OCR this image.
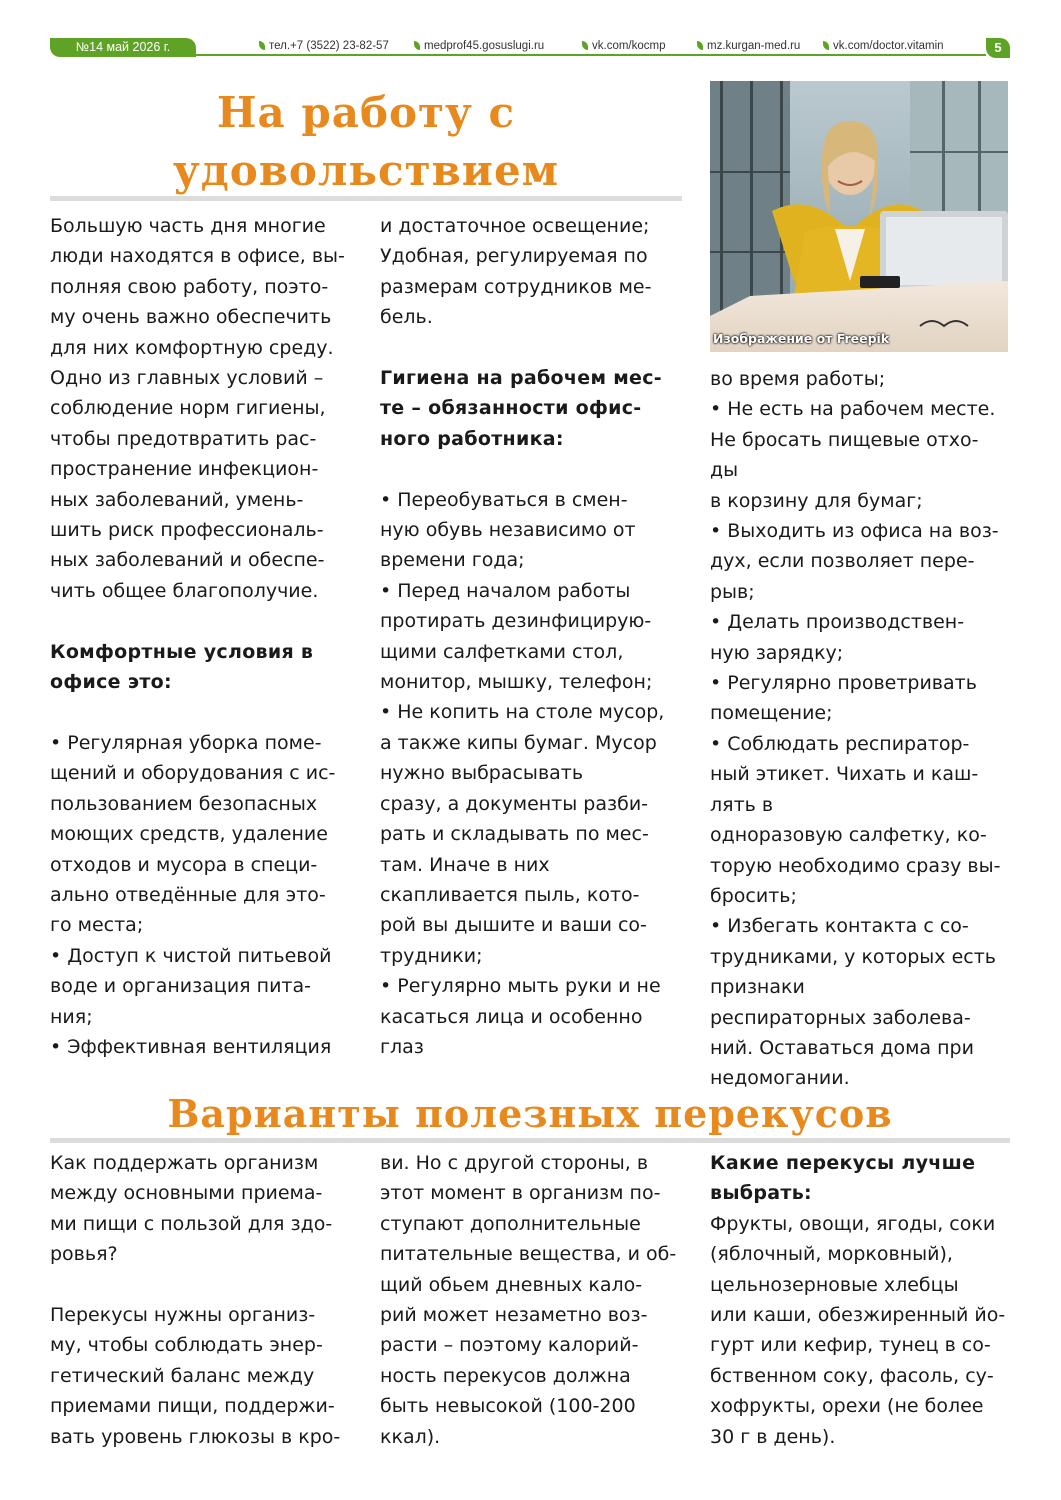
№14 май 2026 г.	тел.+7 (3522) 23-82-57	medprof45.gosuslugi.ru	vk.com/kocmp	mz.kurgan-med.ru	vk.com/doctor.vitamin	5
На работу с
удовольствием
Изображение от Freepik

Большую часть дня многие

люди находятся в офисе, вы-

полняя свою работу, поэто-

му очень важно обеспечить

для них комфортную среду.

Одно из главных условий –

соблюдение норм гигиены,

чтобы предотвратить рас-

пространение инфекцион-

ных заболеваний, умень-

шить риск профессиональ-

ных заболеваний и обеспе-

чить общее благополучие.

Комфортные условия в

офисе это:

• Регулярная уборка поме-

щений и оборудования с ис-

пользованием безопасных

моющих средств, удаление

отходов и мусора в специ-

ально отведённые для это-

го места;

• Доступ к чистой питьевой

воде и организация пита-

ния;

• Эффективная вентиляция

и достаточное освещение;

Удобная, регулируемая по

размерам сотрудников ме-

бель.

Гигиена на рабочем мес-

те – обязанности офис-

ного работника:

• Переобуваться в смен-

ную обувь независимо от

времени года;

• Перед началом работы

протирать дезинфицирую-

щими салфетками стол,

монитор, мышку, телефон;

• Не копить на столе мусор,

а также кипы бумаг. Мусор

нужно выбрасывать

сразу, а документы разби-

рать и складывать по мес-

там. Иначе в них

скапливается пыль, кото-

рой вы дышите и ваши со-

трудники;

• Регулярно мыть руки и не

касаться лица и особенно

глаз

во время работы;

• Не есть на рабочем месте.

Не бросать пищевые отхо-

ды

в корзину для бумаг;

• Выходить из офиса на воз-

дух, если позволяет пере-

рыв;

• Делать производствен-

ную зарядку;

• Регулярно проветривать

помещение;

• Соблюдать респиратор-

ный этикет. Чихать и каш-

лять в

одноразовую салфетку, ко-

торую необходимо сразу вы-

бросить;

• Избегать контакта с со-

трудниками, у которых есть

признаки

респираторных заболева-

ний. Оставаться дома при

недомогании.

Варианты полезных перекусов

Как поддержать организм

между основными приема-

ми пищи с пользой для здо-

ровья?

Перекусы нужны организ-

му, чтобы соблюдать энер-

гетический баланс между

приемами пищи, поддержи-

вать уровень глюкозы в кро-

ви. Но с другой стороны, в

этот момент в организм по-

ступают дополнительные

питательные вещества, и об-

щий обьем дневных кало-

рий может незаметно воз-

расти – поэтому калорий-

ность перекусов должна

быть невысокой (100-200

ккал).

Какие перекусы лучше

выбрать:

Фрукты, овощи, ягоды, соки

(яблочный, морковный),

цельнозерновые хлебцы

или каши, обезжиренный йо-

гурт или кефир, тунец в со-

бственном соку, фасоль, су-

хофрукты, орехи (не более

30 г в день).
